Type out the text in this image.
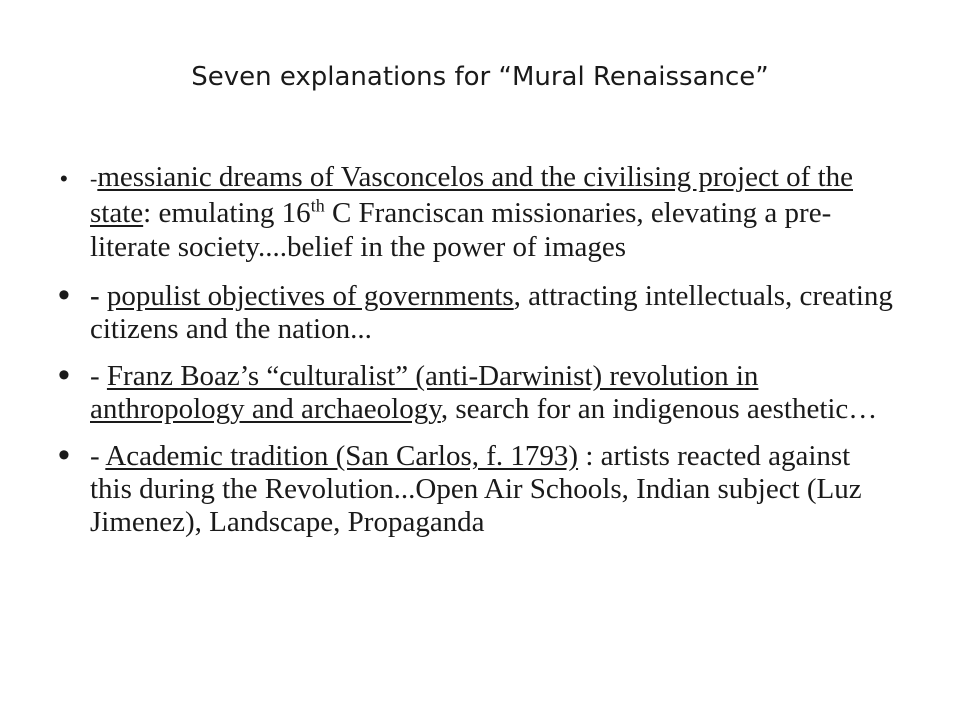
Seven explanations for “Mural Renaissance”
• -messianic dreams of Vasconcelos and the civilising project of the state: emulating 16th C Franciscan missionaries, elevating a pre-literate society....belief in the power of images
• - populist objectives of governments, attracting intellectuals, creating citizens and the nation...
• - Franz Boaz’s “culturalist” (anti-Darwinist) revolution in anthropology and archaeology, search for an indigenous aesthetic…
• - Academic tradition (San Carlos, f. 1793) : artists reacted against this during the Revolution...Open Air Schools, Indian subject (Luz Jimenez), Landscape, Propaganda
